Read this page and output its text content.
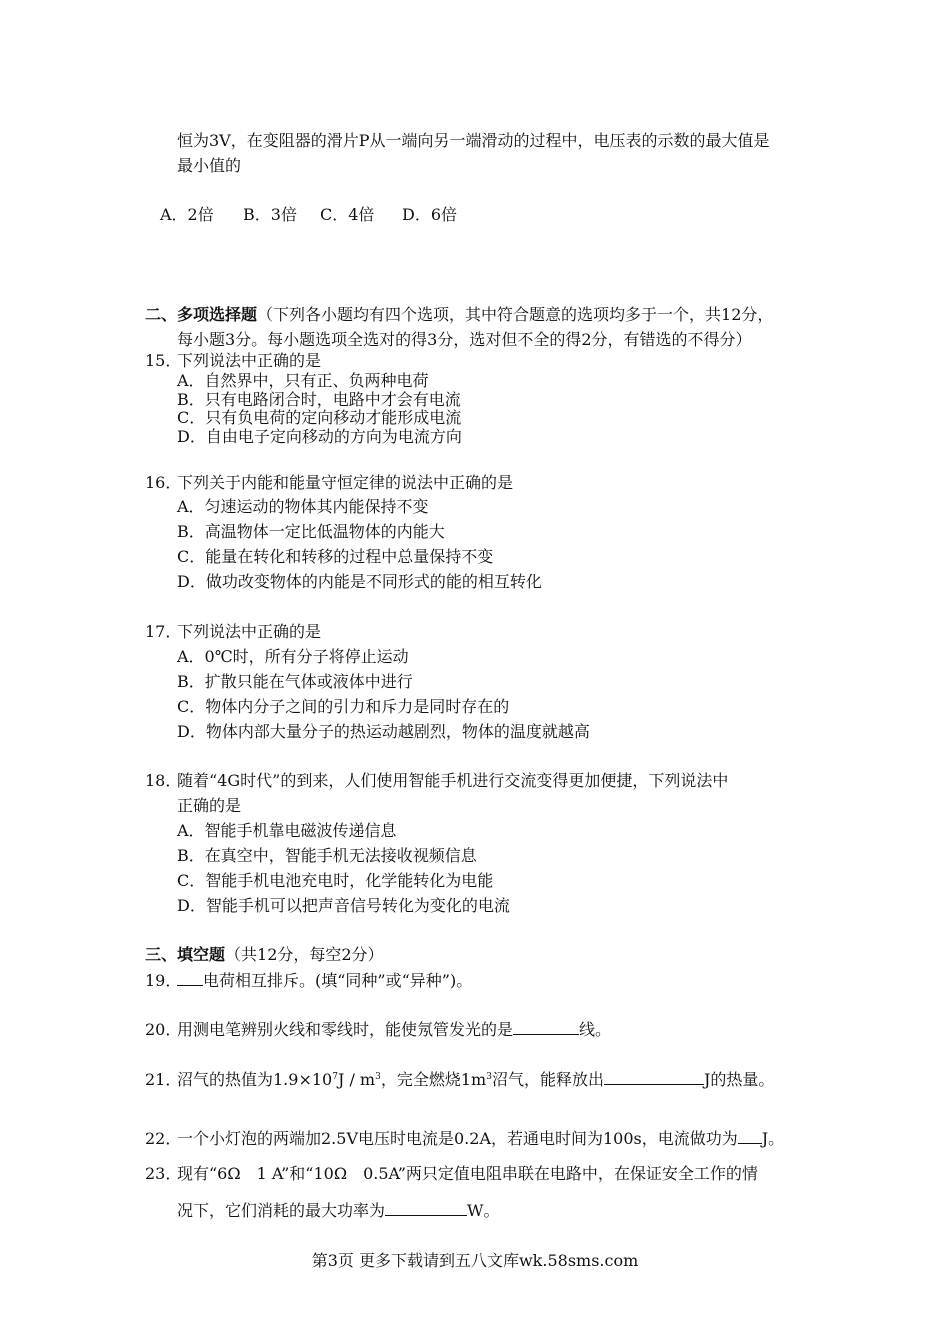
恒为3V，在变阻器的滑片P从一端向另一端滑动的过程中，电压表的示数的最大值是
最小值的
A．2倍 B．3倍 C．4倍 D．6倍
二、多项选择题（下列各小题均有四个选项，其中符合题意的选项均多于一个，共12分，
每小题3分。每小题选项全选对的得3分，选对但不全的得2分，有错选的不得分）
15．
下列说法中正确的是
A．自然界中，只有正、负两种电荷
B．只有电路闭合时，电路中才会有电流
C．只有负电荷的定向移动才能形成电流
D．自由电子定向移动的方向为电流方向
16．
下列关于内能和能量守恒定律的说法中正确的是
A．匀速运动的物体其内能保持不变
B．高温物体一定比低温物体的内能大
C．能量在转化和转移的过程中总量保持不变
D．做功改变物体的内能是不同形式的能的相互转化
17．
下列说法中正确的是
A．0℃时，所有分子将停止运动
B．扩散只能在气体或液体中进行
C．物体内分子之间的引力和斥力是同时存在的
D．物体内部大量分子的热运动越剧烈，物体的温度就越高
18．
随着“4G时代”的到来，人们使用智能手机进行交流变得更加便捷，下列说法中
正确的是
A．智能手机靠电磁波传递信息
B．在真空中，智能手机无法接收视频信息
C．智能手机电池充电时，化学能转化为电能
D．智能手机可以把声音信号转化为变化的电流
三、填空题（共12分，每空2分）
19．	电荷相互排斥。(填“同种”或“异种”)。
20．
用测电笔辨别火线和零线时，能使氖管发光的是	线。
21．
沼气的热值为$1.9\times 10^7J / m^3$，完全燃烧$1m^3$沼气，能释放出	J的热量。
22．
一个小灯泡的两端加2.5V电压时电流是0.2A，若通电时间为100s，电流做功为 J。
23．
现有“6Ω　1 A”和“10Ω　0.5A”两只定值电阻串联在电路中，在保证安全工作的情
况下，它们消耗的最大功率为	W。
第3页 更多下载请到五八文库wk.58sms.com
